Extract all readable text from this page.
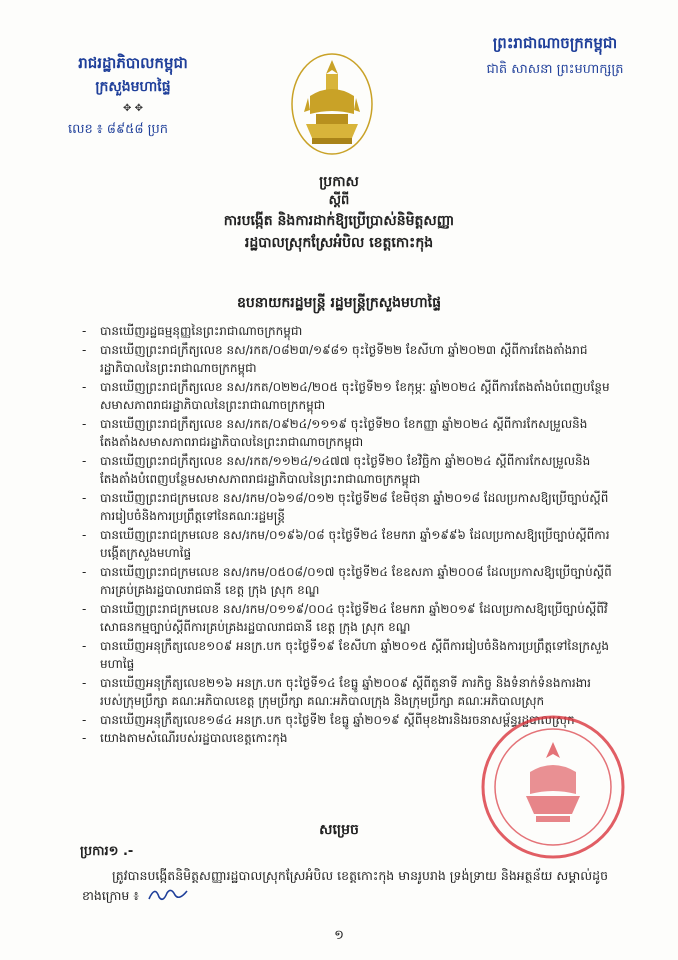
រាជរដ្ឋាភិបាលកម្ពុជា
ក្រសួងមហាផ្ទៃ
✥ ✥
លេខ ៖ ៨៩៥៨ ប្រក
ព្រះរាជាណាចក្រកម្ពុជា
ជាតិ សាសនា ព្រះមហាក្សត្រ
ប្រកាស
ស្តីពី
ការបង្កើត និងការដាក់ឱ្យប្រើប្រាស់និមិត្តសញ្ញា
រដ្ឋបាលស្រុកស្រែអំបិល ខេត្តកោះកុង
ឧបនាយករដ្ឋមន្ត្រី រដ្ឋមន្ត្រីក្រសួងមហាផ្ទៃ

- បានឃើញរដ្ឋធម្មនុញ្ញនៃព្រះរាជាណាចក្រកម្ពុជា

- បានឃើញព្រះរាជក្រឹត្យលេខ នស/រកត/០៨២៣/១៩៨១ ចុះថ្ងៃទី២២ ខែសីហា ឆ្នាំ២០២៣ ស្តីពីការតែងតាំងរាជរដ្ឋាភិបាលនៃព្រះរាជាណាចក្រកម្ពុជា

- បានឃើញព្រះរាជក្រឹត្យលេខ នស/រកត/០២២៤/២០៥ ចុះថ្ងៃទី២១ ខែកុម្ភៈ ឆ្នាំ២០២៤ ស្តីពីការតែងតាំងបំពេញបន្ថែមសមាសភាពរាជរដ្ឋាភិបាលនៃព្រះរាជាណាចក្រកម្ពុជា

- បានឃើញព្រះរាជក្រឹត្យលេខ នស/រកត/០៩២៤/១១១៩ ចុះថ្ងៃទី២០ ខែកញ្ញា ឆ្នាំ២០២៤ ស្តីពីការកែសម្រួលនិងតែងតាំងសមាសភាពរាជរដ្ឋាភិបាលនៃព្រះរាជាណាចក្រកម្ពុជា

- បានឃើញព្រះរាជក្រឹត្យលេខ នស/រកត/១១២៤/១៤៧៧ ចុះថ្ងៃទី២០ ខែវិច្ឆិកា ឆ្នាំ២០២៤ ស្តីពីការកែសម្រួលនិងតែងតាំងបំពេញបន្ថែមសមាសភាពរាជរដ្ឋាភិបាលនៃព្រះរាជាណាចក្រកម្ពុជា

- បានឃើញព្រះរាជក្រមលេខ នស/រកម/០៦១៨/០១២ ចុះថ្ងៃទី២៨ ខែមិថុនា ឆ្នាំ២០១៨ ដែលប្រកាសឱ្យប្រើច្បាប់ស្តីពីការរៀបចំនិងការប្រព្រឹត្តទៅនៃគណៈរដ្ឋមន្ត្រី

- បានឃើញព្រះរាជក្រមលេខ នស/រកម/០១៩៦/០៨ ចុះថ្ងៃទី២៤ ខែមករា ឆ្នាំ១៩៩៦ ដែលប្រកាសឱ្យប្រើច្បាប់ស្តីពីការបង្កើតក្រសួងមហាផ្ទៃ

- បានឃើញព្រះរាជក្រមលេខ នស/រកម/០៥០៨/០១៧ ចុះថ្ងៃទី២៤ ខែឧសភា ឆ្នាំ២០០៨ ដែលប្រកាសឱ្យប្រើច្បាប់ស្តីពីការគ្រប់គ្រងរដ្ឋបាលរាជធានី ខេត្ត ក្រុង ស្រុក ខណ្ឌ

- បានឃើញព្រះរាជក្រមលេខ នស/រកម/០១១៩/០០៤ ចុះថ្ងៃទី២៤ ខែមករា ឆ្នាំ២០១៩ ដែលប្រកាសឱ្យប្រើច្បាប់ស្តីពីវិសោធនកម្មច្បាប់ស្តីពីការគ្រប់គ្រងរដ្ឋបាលរាជធានី ខេត្ត ក្រុង ស្រុក ខណ្ឌ

- បានឃើញអនុក្រឹត្យលេខ១០៩ អនក្រ.បក ចុះថ្ងៃទី១៩ ខែសីហា ឆ្នាំ២០១៥ ស្តីពីការរៀបចំនិងការប្រព្រឹត្តទៅនៃក្រសួងមហាផ្ទៃ

- បានឃើញអនុក្រឹត្យលេខ២១៦ អនក្រ.បក ចុះថ្ងៃទី១៤ ខែធ្នូ ឆ្នាំ២០០៩ ស្តីពីតួនាទី ភារកិច្ច និងទំនាក់ទំនងការងាររបស់ក្រុមប្រឹក្សា គណៈអភិបាលខេត្ត ក្រុមប្រឹក្សា គណៈអភិបាលក្រុង និងក្រុមប្រឹក្សា គណៈអភិបាលស្រុក

- បានឃើញអនុក្រឹត្យលេខ១៨៤ អនក្រ.បក ចុះថ្ងៃទី២ ខែធ្នូ ឆ្នាំ២០១៩ ស្តីពីមុខងារនិងរចនាសម្ព័ន្ធរដ្ឋបាលស្រុក

- យោងតាមសំណើរបស់រដ្ឋបាលខេត្តកោះកុង

សម្រេច
ប្រការ១ .-
ត្រូវបានបង្កើតនិមិត្តសញ្ញារដ្ឋបាលស្រុកស្រែអំបិល ខេត្តកោះកុង មានរូបរាង ទ្រង់ទ្រាយ និងអត្ថន័យ សម្គាល់ដូចខាងក្រោម ៖
១
